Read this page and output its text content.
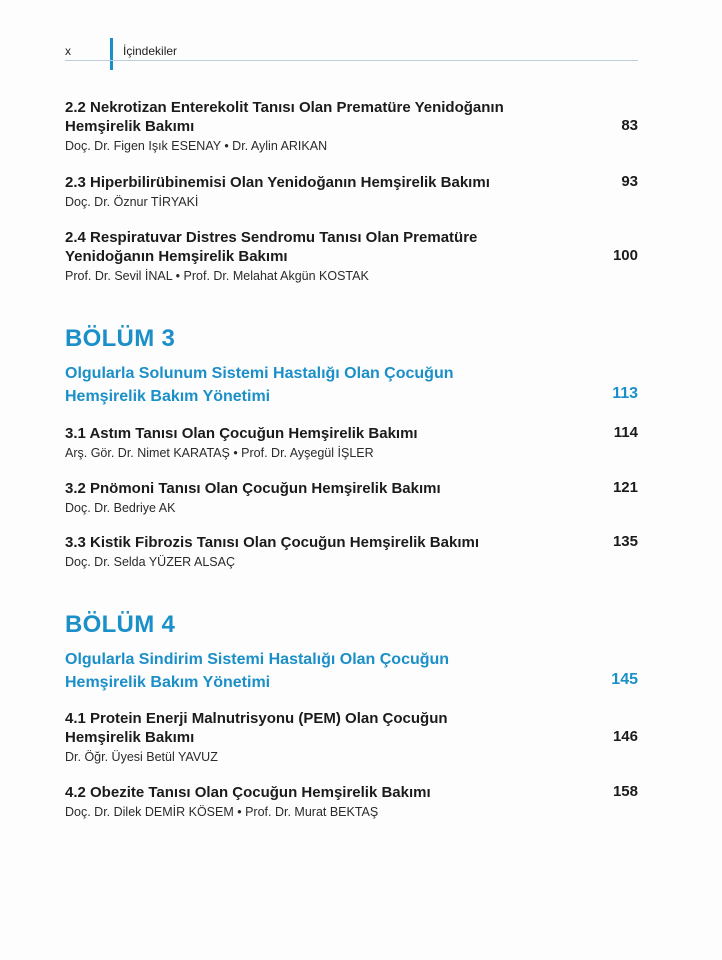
x	İçindekiler
2.2 Nekrotizan Enterekolit Tanısı Olan Prematüre Yenidoğanın
Hemşirelik Bakımı	83
Doç. Dr. Figen Işık ESENAY • Dr. Aylin ARIKAN
2.3 Hiperbilirübinemisi Olan Yenidoğanın Hemşirelik Bakımı	93
Doç. Dr. Öznur TİRYAKİ
2.4 Respiratuvar Distres Sendromu Tanısı Olan Prematüre
Yenidoğanın Hemşirelik Bakımı	100
Prof. Dr. Sevil İNAL • Prof. Dr. Melahat Akgün KOSTAK
BÖLÜM 3
Olgularla Solunum Sistemi Hastalığı Olan Çocuğun
Hemşirelik Bakım Yönetimi	113
3.1 Astım Tanısı Olan Çocuğun Hemşirelik Bakımı	114
Arş. Gör. Dr. Nimet KARATAŞ • Prof. Dr. Ayşegül İŞLER
3.2 Pnömoni Tanısı Olan Çocuğun Hemşirelik Bakımı	121
Doç. Dr. Bedriye AK
3.3 Kistik Fibrozis Tanısı Olan Çocuğun Hemşirelik Bakımı	135
Doç. Dr. Selda YÜZER ALSAÇ
BÖLÜM 4
Olgularla Sindirim Sistemi Hastalığı Olan Çocuğun
Hemşirelik Bakım Yönetimi	145
4.1 Protein Enerji Malnutrisyonu (PEM) Olan Çocuğun
Hemşirelik Bakımı	146
Dr. Öğr. Üyesi Betül YAVUZ
4.2 Obezite Tanısı Olan Çocuğun Hemşirelik Bakımı	158
Doç. Dr. Dilek DEMİR KÖSEM • Prof. Dr. Murat BEKTAŞ
